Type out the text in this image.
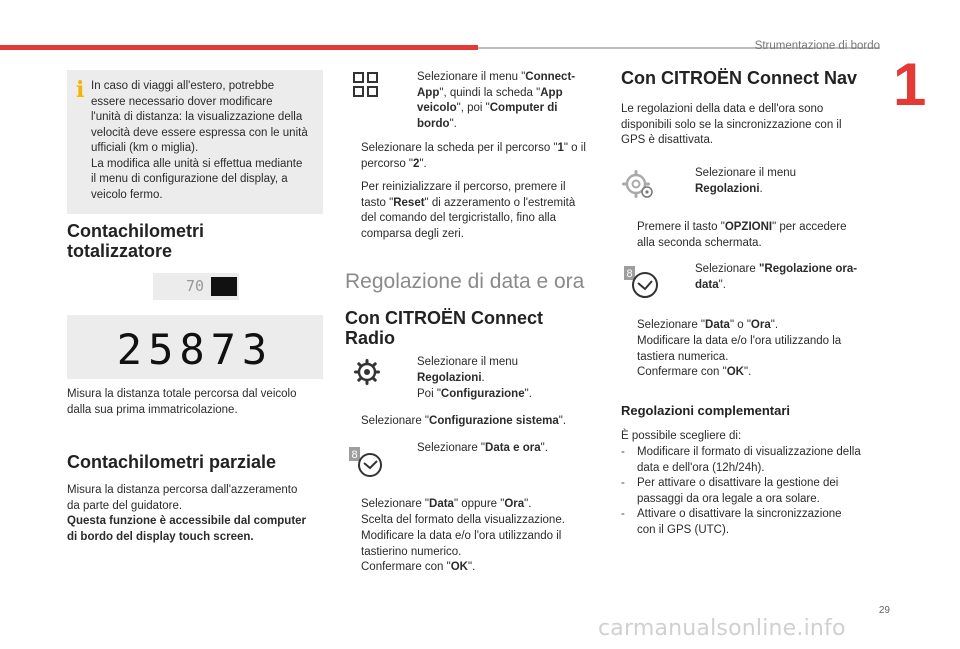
Strumentazione di bordo
1
i In caso di viaggi all'estero, potrebbe

essere necessario dover modificare

l'unità di distanza: la visualizzazione della

velocità deve essere espressa con le unità

ufficiali (km o miglia).

La modifica alle unità si effettua mediante

il menu di configurazione del display, a

veicolo fermo.

Contachilometri
totalizzatore
70
25873

Misura la distanza totale percorsa dal veicolo

dalla sua prima immatricolazione.

Contachilometri parziale

Misura la distanza percorsa dall'azzeramento

da parte del guidatore.

Questa funzione è accessibile dal computer

di bordo del display touch screen.

Selezionare il menu "Connect-
App", quindi la scheda "App
veicolo", poi "Computer di
bordo".
Selezionare la scheda per il percorso "1" o il
percorso "2".
Per reinizializzare il percorso, premere il
tasto "Reset" di azzeramento o l'estremità
del comando del tergicristallo, fino alla
comparsa degli zeri.
Regolazione di data e ora
Con CITROËN Connect
Radio
Selezionare il menu
Regolazioni.
Poi "Configurazione".
Selezionare "Configurazione sistema".
8
Selezionare "Data e ora".
Selezionare "Data" oppure "Ora".
Scelta del formato della visualizzazione.
Modificare la data e/o l'ora utilizzando il
tastierino numerico.
Confermare con "OK".
Con CITROËN Connect Nav

Le regolazioni della data e dell'ora sono

disponibili solo se la sincronizzazione con il

GPS è disattivata.

Selezionare il menu
Regolazioni.
Premere il tasto "OPZIONI" per accedere
alla seconda schermata.
8	Selezionare "Regolazione ora-
data".
Selezionare "Data" o "Ora".
Modificare la data e/o l'ora utilizzando la
tastiera numerica.
Confermare con "OK".
Regolazioni complementari

È possibile scegliere di:

-	Modificare il formato di visualizzazione della
data e dell'ora (12h/24h).
-	Per attivare o disattivare la gestione dei
passaggi da ora legale a ora solare.
-	Attivare o disattivare la sincronizzazione
con il GPS (UTC).
29
carmanualsonline.info
